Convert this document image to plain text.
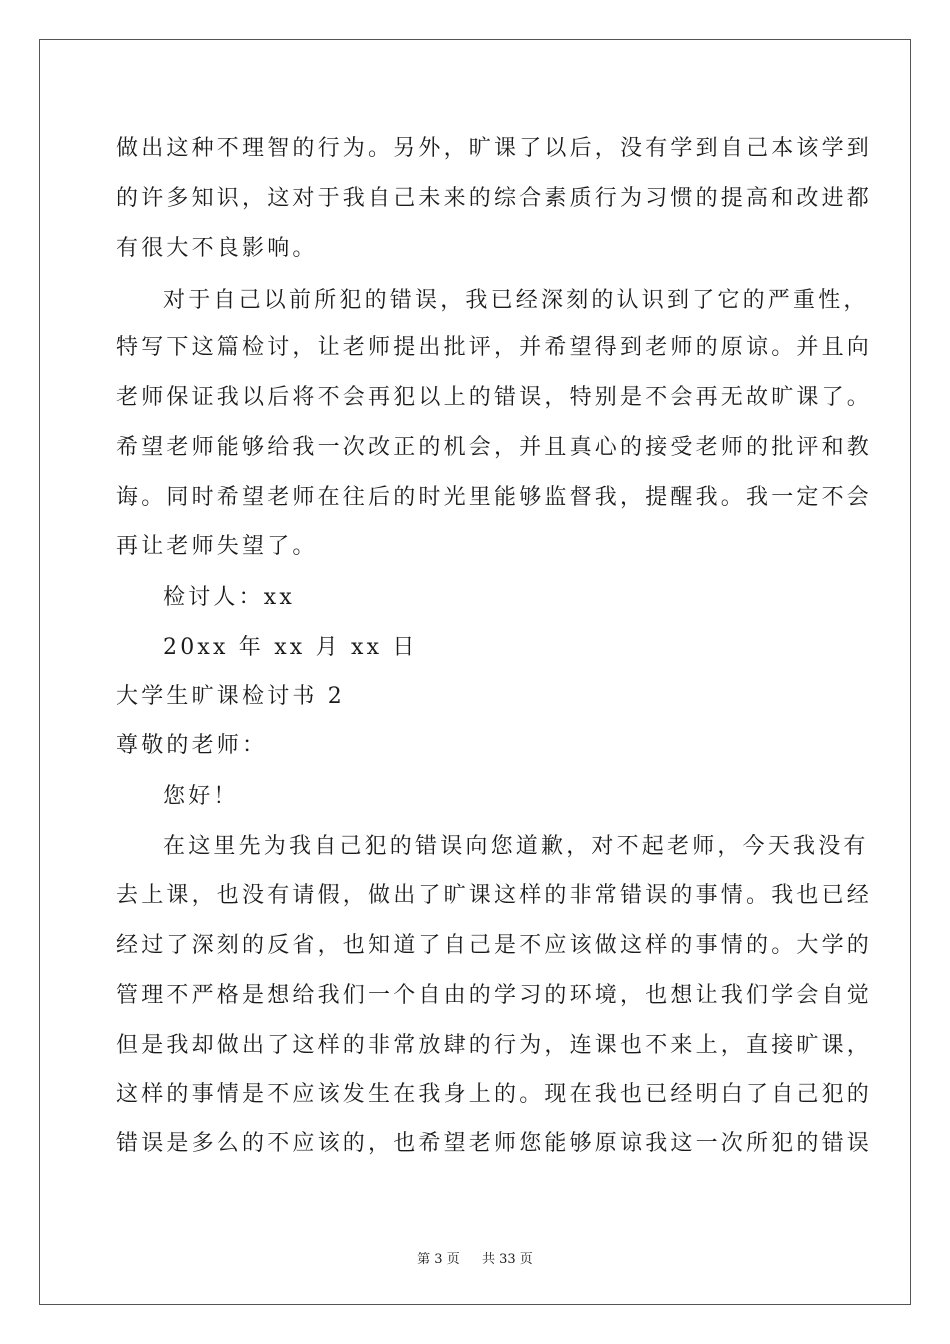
做出这种不理智的行为。另外，旷课了以后，没有学到自己本该学到
的许多知识，这对于我自己未来的综合素质行为习惯的提高和改进都
有很大不良影响。
对于自己以前所犯的错误，我已经深刻的认识到了它的严重性，
特写下这篇检讨，让老师提出批评，并希望得到老师的原谅。并且向
老师保证我以后将不会再犯以上的错误，特别是不会再无故旷课了。
希望老师能够给我一次改正的机会，并且真心的接受老师的批评和教
诲。同时希望老师在往后的时光里能够监督我，提醒我。我一定不会
再让老师失望了。
检讨人：xx
20xx 年 xx 月 xx 日
大学生旷课检讨书 2
尊敬的老师：
您好！
在这里先为我自己犯的错误向您道歉，对不起老师，今天我没有
去上课，也没有请假，做出了旷课这样的非常错误的事情。我也已经
经过了深刻的反省，也知道了自己是不应该做这样的事情的。大学的
管理不严格是想给我们一个自由的学习的环境，也想让我们学会自觉
但是我却做出了这样的非常放肆的行为，连课也不来上，直接旷课，
这样的事情是不应该发生在我身上的。现在我也已经明白了自己犯的
错误是多么的不应该的，也希望老师您能够原谅我这一次所犯的错误
第 3 页 共 33 页
